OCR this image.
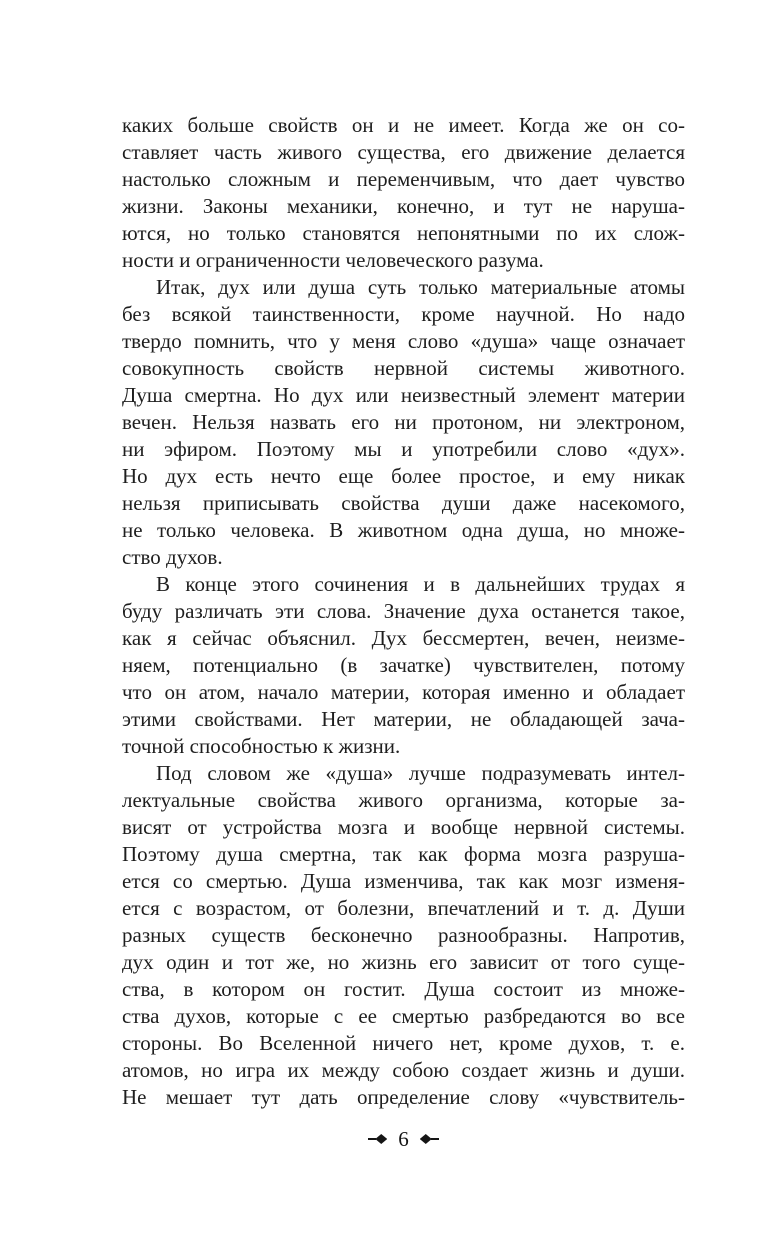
каких больше свойств он и не имеет. Когда же он со-
ставляет часть живого существа, его движение делается
настолько сложным и переменчивым, что дает чувство
жизни. Законы механики, конечно, и тут не наруша-
ются, но только становятся непонятными по их слож-
ности и ограниченности человеческого разума.
Итак, дух или душа суть только материальные атомы
без всякой таинственности, кроме научной. Но надо
твердо помнить, что у меня слово «душа» чаще означает
совокупность свойств нервной системы животного.
Душа смертна. Но дух или неизвестный элемент материи
вечен. Нельзя назвать его ни протоном, ни электроном,
ни эфиром. Поэтому мы и употребили слово «дух».
Но дух есть нечто еще более простое, и ему никак
нельзя приписывать свойства души даже насекомого,
не только человека. В животном одна душа, но множе-
ство духов.
В конце этого сочинения и в дальнейших трудах я
буду различать эти слова. Значение духа останется такое,
как я сейчас объяснил. Дух бессмертен, вечен, неизме-
няем, потенциально (в зачатке) чувствителен, потому
что он атом, начало материи, которая именно и обладает
этими свойствами. Нет материи, не обладающей зача-
точной способностью к жизни.
Под словом же «душа» лучше подразумевать интел-
лектуальные свойства живого организма, которые за-
висят от устройства мозга и вообще нервной системы.
Поэтому душа смертна, так как форма мозга разруша-
ется со смертью. Душа изменчива, так как мозг изменя-
ется с возрастом, от болезни, впечатлений и т. д. Души
разных существ бесконечно разнообразны. Напротив,
дух один и тот же, но жизнь его зависит от того суще-
ства, в котором он гостит. Душа состоит из множе-
ства духов, которые с ее смертью разбредаются во все
стороны. Во Вселенной ничего нет, кроме духов, т. е.
атомов, но игра их между собою создает жизнь и души.
Не мешает тут дать определение слову «чувствитель-
6
